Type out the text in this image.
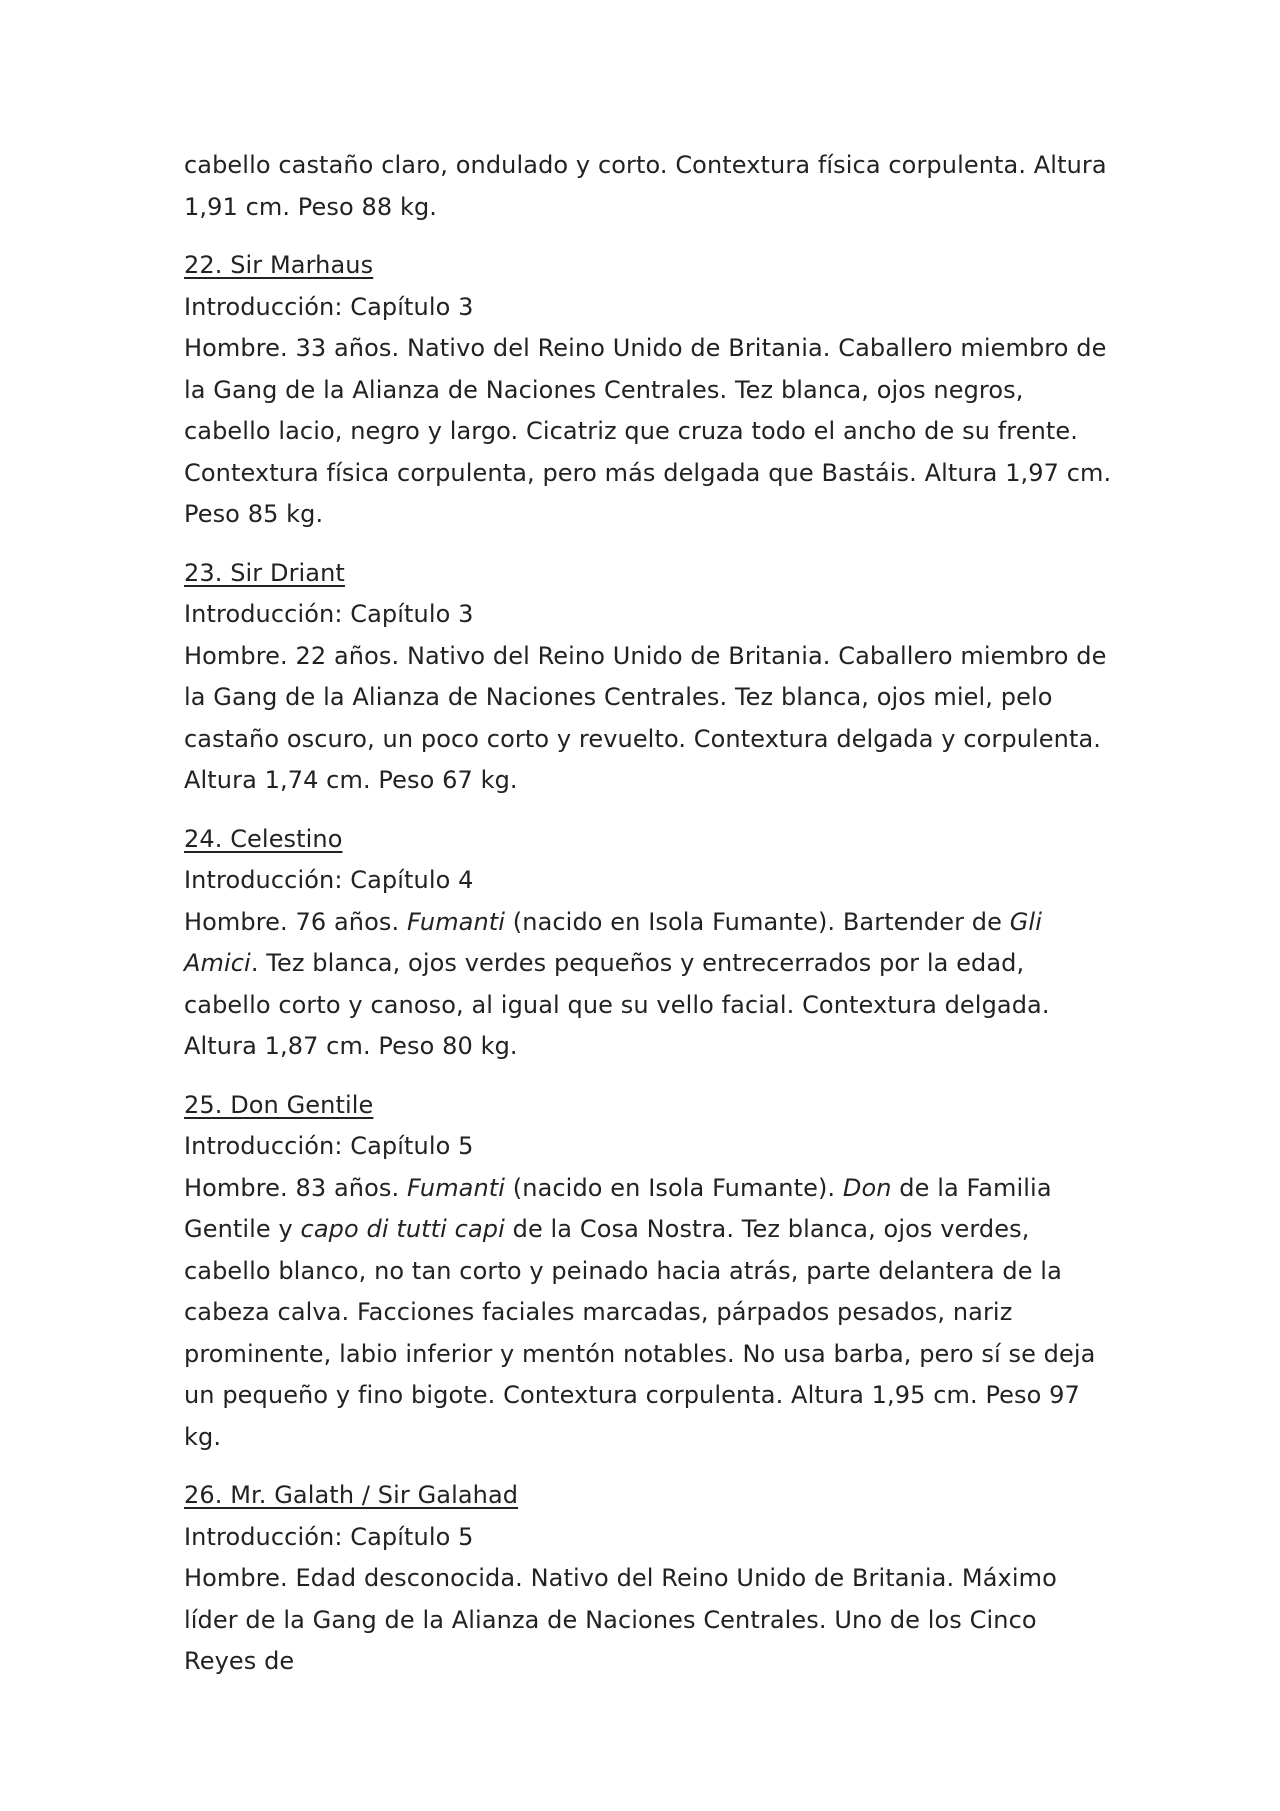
cabello castaño claro, ondulado y corto. Contextura física corpulenta. Altura 1,91 cm. Peso 88 kg.

22. Sir Marhaus
Introducción: Capítulo 3
Hombre. 33 años. Nativo del Reino Unido de Britania. Caballero miembro de la Gang de la Alianza de Naciones Centrales. Tez blanca, ojos negros, cabello lacio, negro y largo. Cicatriz que cruza todo el ancho de su frente. Contextura física corpulenta, pero más delgada que Bastáis. Altura 1,97 cm. Peso 85 kg.
23. Sir Driant
Introducción: Capítulo 3
Hombre. 22 años. Nativo del Reino Unido de Britania. Caballero miembro de la Gang de la Alianza de Naciones Centrales. Tez blanca, ojos miel, pelo castaño oscuro, un poco corto y revuelto. Contextura delgada y corpulenta. Altura 1,74 cm. Peso 67 kg.
24. Celestino
Introducción: Capítulo 4
Hombre. 76 años. Fumanti (nacido en Isola Fumante). Bartender de Gli Amici. Tez blanca, ojos verdes pequeños y entrecerrados por la edad, cabello corto y canoso, al igual que su vello facial. Contextura delgada. Altura 1,87 cm. Peso 80 kg.
25. Don Gentile
Introducción: Capítulo 5
Hombre. 83 años. Fumanti (nacido en Isola Fumante). Don de la Familia Gentile y capo di tutti capi de la Cosa Nostra. Tez blanca, ojos verdes, cabello blanco, no tan corto y peinado hacia atrás, parte delantera de la cabeza calva. Facciones faciales marcadas, párpados pesados, nariz prominente, labio inferior y mentón notables. No usa barba, pero sí se deja un pequeño y fino bigote. Contextura corpulenta. Altura 1,95 cm. Peso 97 kg.
26. Mr. Galath / Sir Galahad
Introducción: Capítulo 5
Hombre. Edad desconocida. Nativo del Reino Unido de Britania. Máximo líder de la Gang de la Alianza de Naciones Centrales. Uno de los Cinco Reyes de
